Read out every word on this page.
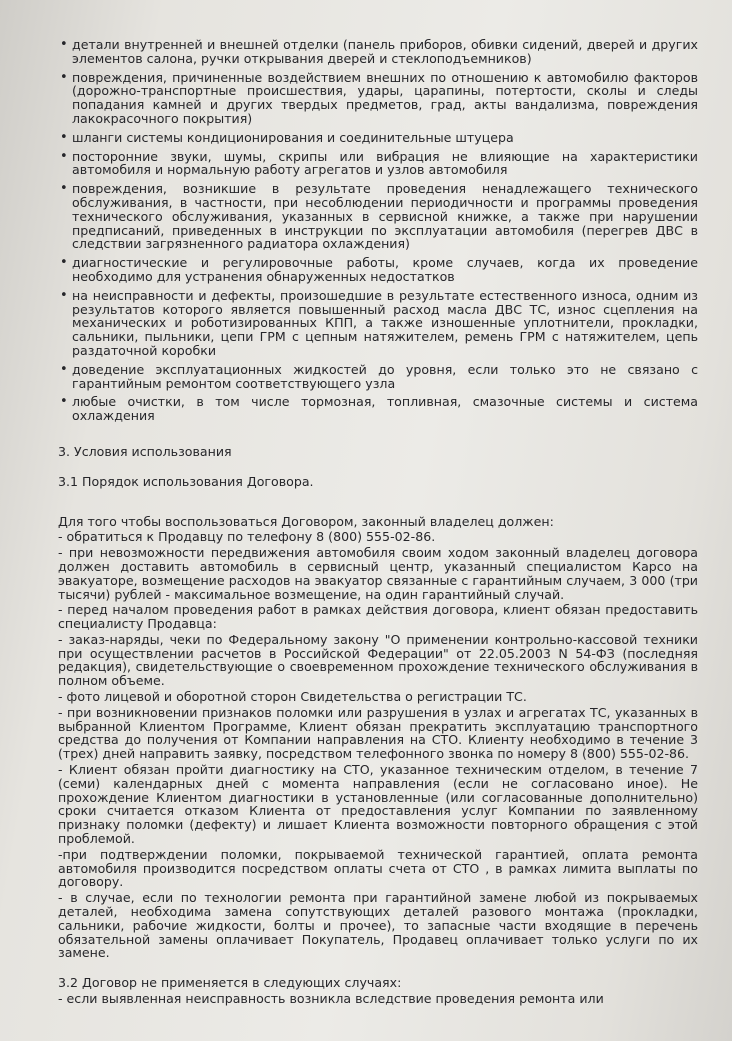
• детали внутренней и внешней отделки (панель приборов, обивки сидений, дверей и других элементов салона, ручки открывания дверей и стеклоподъемников)
• повреждения, причиненные воздействием внешних по отношению к автомобилю факторов (дорожно-транспортные происшествия, удары, царапины, потертости, сколы и следы попадания камней и других твердых предметов, град, акты вандализма, повреждения лакокрасочного покрытия)
• шланги системы кондиционирования и соединительные штуцера
• посторонние звуки, шумы, скрипы или вибрация не влияющие на характеристики автомобиля и нормальную работу агрегатов и узлов автомобиля
• повреждения, возникшие в результате проведения ненадлежащего технического обслуживания, в частности, при несоблюдении периодичности и программы проведения технического обслуживания, указанных в сервисной книжке, а также при нарушении предписаний, приведенных в инструкции по эксплуатации автомобиля (перегрев ДВС в следствии загрязненного радиатора охлаждения)
• диагностические и регулировочные работы, кроме случаев, когда их проведение необходимо для устранения обнаруженных недостатков
• на неисправности и дефекты, произошедшие в результате естественного износа, одним из результатов которого является повышенный расход масла ДВС ТС, износ сцепления на механических и роботизированных КПП, а также изношенные уплотнители, прокладки, сальники, пыльники, цепи ГРМ с цепным натяжителем, ремень ГРМ с натяжителем, цепь раздаточной коробки
• доведение эксплуатационных жидкостей до уровня, если только это не связано с гарантийным ремонтом соответствующего узла
• любые очистки, в том числе тормозная, топливная, смазочные системы и система охлаждения
3. Условия использования
3.1 Порядок использования Договора.
Для того чтобы воспользоваться Договором, законный владелец должен:
- обратиться к Продавцу по телефону 8 (800) 555-02-86.
- при невозможности передвижения автомобиля своим ходом законный владелец договора должен доставить автомобиль в сервисный центр, указанный специалистом Карсо на эвакуаторе, возмещение расходов на эвакуатор связанные с гарантийным случаем, 3 000 (три тысячи) рублей - максимальное возмещение, на один гарантийный случай.
- перед началом проведения работ в рамках действия договора, клиент обязан предоставить специалисту Продавца:
- заказ-наряды, чеки по Федеральному закону "О применении контрольно-кассовой техники при осуществлении расчетов в Российской Федерации" от 22.05.2003 N 54-ФЗ (последняя редакция), свидетельствующие о своевременном прохождение технического обслуживания в полном объеме.
- фото лицевой и оборотной сторон Свидетельства о регистрации ТС.
- при возникновении признаков поломки или разрушения в узлах и агрегатах ТС, указанных в выбранной Клиентом Программе, Клиент обязан прекратить эксплуатацию транспортного средства до получения от Компании направления на СТО. Клиенту необходимо в течение 3 (трех) дней направить заявку, посредством телефонного звонка по номеру 8 (800) 555-02-86.
- Клиент обязан пройти диагностику на СТО, указанное техническим отделом, в течение 7 (семи) календарных дней с момента направления (если не согласовано иное). Не прохождение Клиентом диагностики в установленные (или согласованные дополнительно) сроки считается отказом Клиента от предоставления услуг Компании по заявленному признаку поломки (дефекту) и лишает Клиента возможности повторного обращения с этой проблемой.
-при подтверждении поломки, покрываемой технической гарантией, оплата ремонта автомобиля производится посредством оплаты счета от СТО , в рамках лимита выплаты по договору.
- в случае, если по технологии ремонта при гарантийной замене любой из покрываемых деталей, необходима замена сопутствующих деталей разового монтажа (прокладки, сальники, рабочие жидкости, болты и прочее), то запасные части входящие в перечень обязательной замены оплачивает Покупатель, Продавец оплачивает только услуги по их замене.
3.2 Договор не применяется в следующих случаях:
- если выявленная неисправность возникла вследствие проведения ремонта или
